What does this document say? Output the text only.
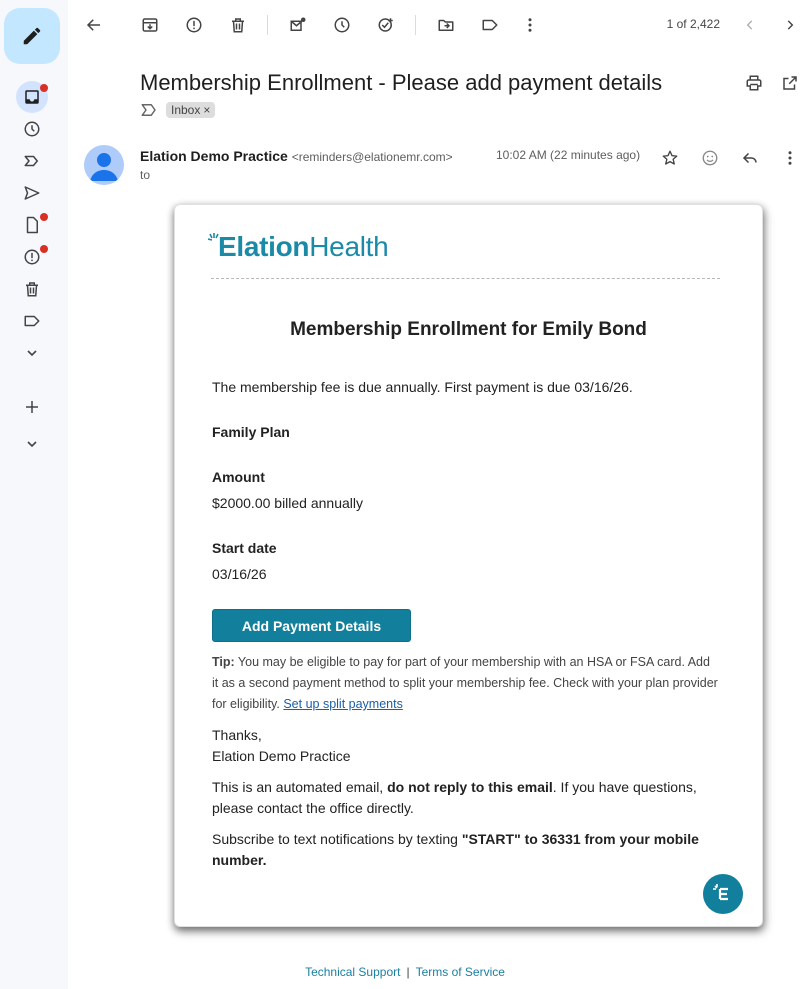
1 of 2,422
Membership Enrollment - Please add payment details
Inbox ×
Elation Demo Practice <reminders@elationemr.com>
to
10:02 AM (22 minutes ago)
ElationHealth
Membership Enrollment for Emily Bond
The membership fee is due annually. First payment is due 03/16/26.
Family Plan
Amount
$2000.00 billed annually
Start date
03/16/26
Add Payment Details
Tip: You may be eligible to pay for part of your membership with an HSA or FSA card. Add it as a second payment method to split your membership fee. Check with your plan provider for eligibility. Set up split payments
Thanks,
Elation Demo Practice
This is an automated email, do not reply to this email. If you have questions, please contact the office directly.
Subscribe to text notifications by texting "START" to 36331 from your mobile number.
Technical Support | Terms of Service
